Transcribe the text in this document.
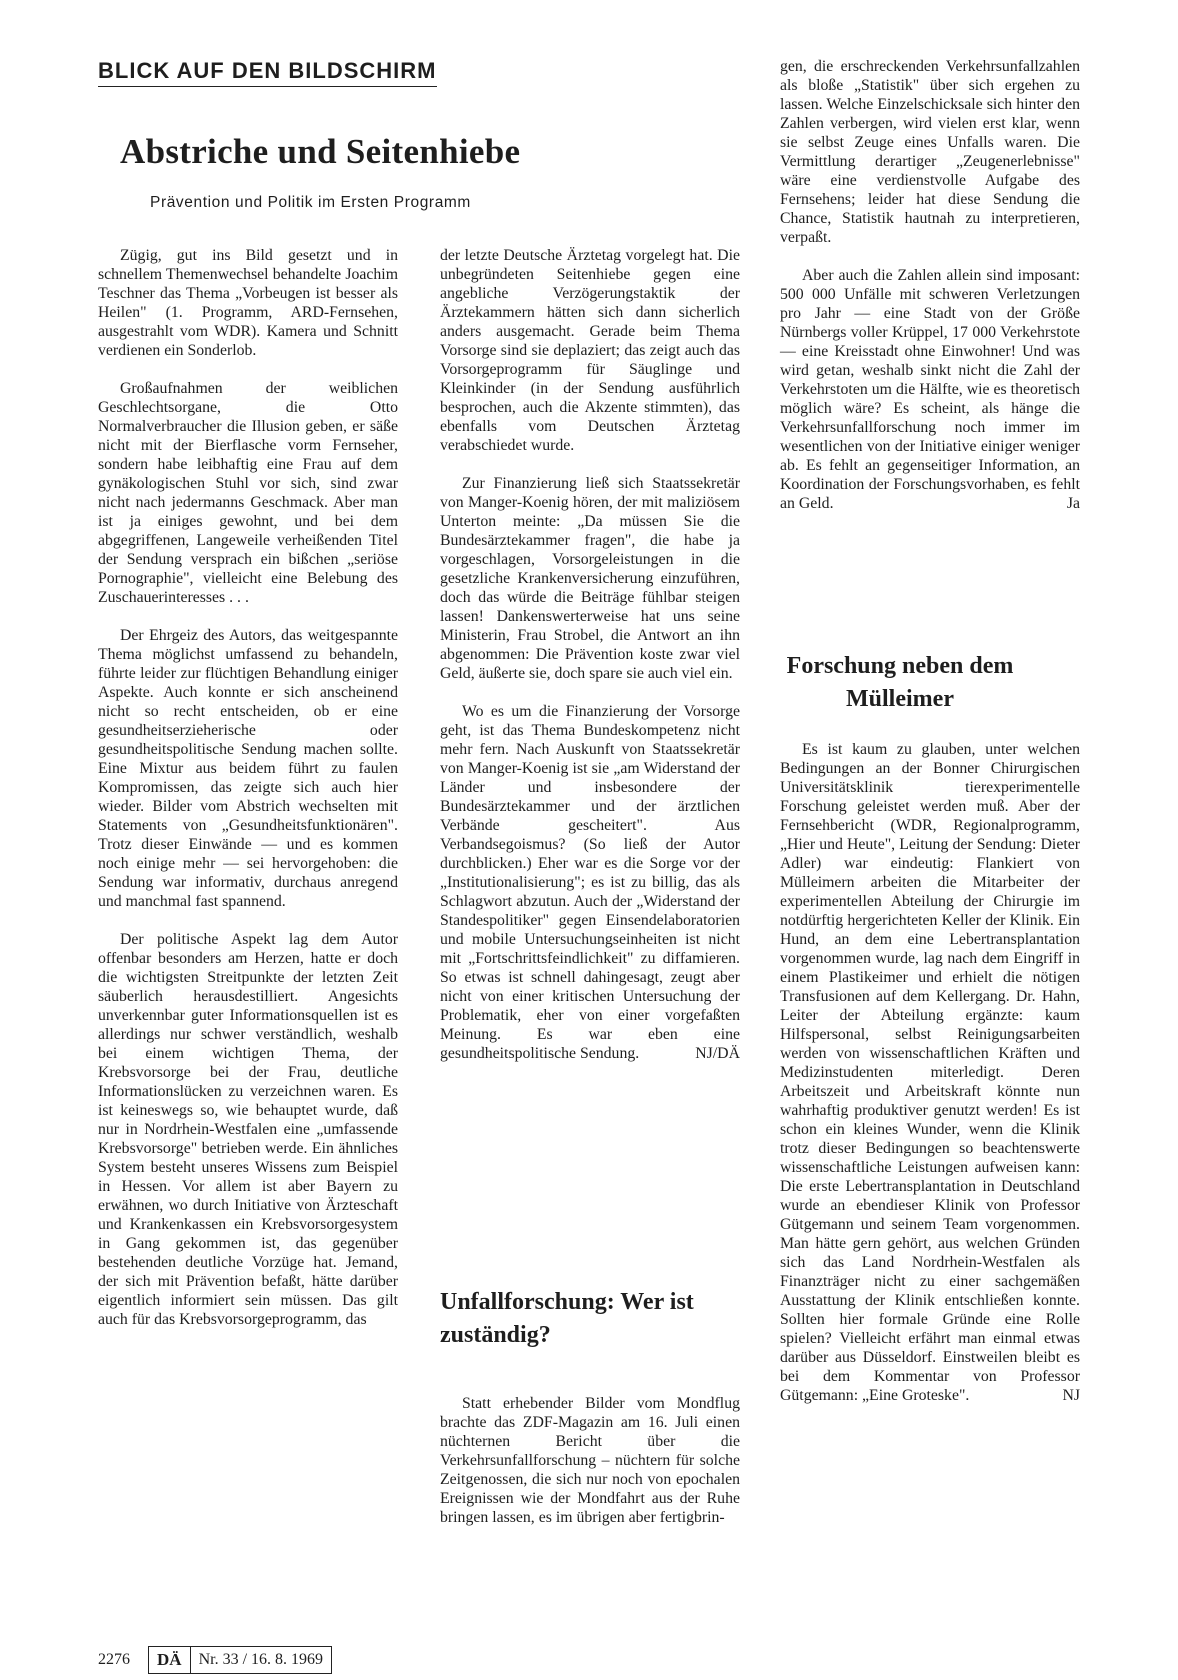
BLICK AUF DEN BILDSCHIRM
Abstriche und Seitenhiebe

Prävention und Politik im Ersten Programm

Zügig, gut ins Bild gesetzt und in schnellem Themenwechsel behandelte Joachim Teschner das Thema „Vorbeugen ist besser als Heilen" (1. Programm, ARD-Fernsehen, ausgestrahlt vom WDR). Kamera und Schnitt verdienen ein Sonderlob.

Großaufnahmen der weiblichen Geschlechtsorgane, die Otto Normalverbraucher die Illusion geben, er säße nicht mit der Bierflasche vorm Fernseher, sondern habe leibhaftig eine Frau auf dem gynäkologischen Stuhl vor sich, sind zwar nicht nach jedermanns Geschmack. Aber man ist ja einiges gewohnt, und bei dem abgegriffenen, Langeweile verheißenden Titel der Sendung versprach ein bißchen „seriöse Pornographie", vielleicht eine Belebung des Zuschauerinteresses . . .

Der Ehrgeiz des Autors, das weitgespannte Thema möglichst umfassend zu behandeln, führte leider zur flüchtigen Behandlung einiger Aspekte. Auch konnte er sich anscheinend nicht so recht entscheiden, ob er eine gesundheitserzieherische oder gesundheitspolitische Sendung machen sollte. Eine Mixtur aus beidem führt zu faulen Kompromissen, das zeigte sich auch hier wieder. Bilder vom Abstrich wechselten mit Statements von „Gesundheitsfunktionären". Trotz dieser Einwände — und es kommen noch einige mehr — sei hervorgehoben: die Sendung war informativ, durchaus anregend und manchmal fast spannend.

Der politische Aspekt lag dem Autor offenbar besonders am Herzen, hatte er doch die wichtigsten Streitpunkte der letzten Zeit säuberlich herausdestilliert. Angesichts unverkennbar guter Informationsquellen ist es allerdings nur schwer verständlich, weshalb bei einem wichtigen Thema, der Krebsvorsorge bei der Frau, deutliche Informationslücken zu verzeichnen waren. Es ist keineswegs so, wie behauptet wurde, daß nur in Nordrhein-Westfalen eine „umfassende Krebsvorsorge" betrieben werde. Ein ähnliches System besteht unseres Wissens zum Beispiel in Hessen. Vor allem ist aber Bayern zu erwähnen, wo durch Initiative von Ärzteschaft und Krankenkassen ein Krebsvorsorgesystem in Gang gekommen ist, das gegenüber bestehenden deutliche Vorzüge hat. Jemand, der sich mit Prävention befaßt, hätte darüber eigentlich informiert sein müssen. Das gilt auch für das Krebsvorsorgeprogramm, das

der letzte Deutsche Ärztetag vorgelegt hat. Die unbegründeten Seitenhiebe gegen eine angebliche Verzögerungstaktik der Ärztekammern hätten sich dann sicherlich anders ausgemacht. Gerade beim Thema Vorsorge sind sie deplaziert; das zeigt auch das Vorsorgeprogramm für Säuglinge und Kleinkinder (in der Sendung ausführlich besprochen, auch die Akzente stimmten), das ebenfalls vom Deutschen Ärztetag verabschiedet wurde.

Zur Finanzierung ließ sich Staatssekretär von Manger-Koenig hören, der mit maliziösem Unterton meinte: „Da müssen Sie die Bundesärztekammer fragen", die habe ja vorgeschlagen, Vorsorgeleistungen in die gesetzliche Krankenversicherung einzuführen, doch das würde die Beiträge fühlbar steigen lassen! Dankenswerterweise hat uns seine Ministerin, Frau Strobel, die Antwort an ihn abgenommen: Die Prävention koste zwar viel Geld, äußerte sie, doch spare sie auch viel ein.

Wo es um die Finanzierung der Vorsorge geht, ist das Thema Bundeskompetenz nicht mehr fern. Nach Auskunft von Staatssekretär von Manger-Koenig ist sie „am Widerstand der Länder und insbesondere der Bundesärztekammer und der ärztlichen Verbände gescheitert". Aus Verbandsegoismus? (So ließ der Autor durchblicken.) Eher war es die Sorge vor der „Institutionalisierung"; es ist zu billig, das als Schlagwort abzutun. Auch der „Widerstand der Standespolitiker" gegen Einsendelaboratorien und mobile Untersuchungseinheiten ist nicht mit „Fortschrittsfeindlichkeit" zu diffamieren. So etwas ist schnell dahingesagt, zeugt aber nicht von einer kritischen Untersuchung der Problematik, eher von einer vorgefaßten Meinung. Es war eben eine gesundheitspolitische Sendung.	NJ/DÄ

Unfallforschung: Wer ist zuständig?

Statt erhebender Bilder vom Mondflug brachte das ZDF-Magazin am 16. Juli einen nüchternen Bericht über die Verkehrsunfallforschung – nüchtern für solche Zeitgenossen, die sich nur noch von epochalen Ereignissen wie der Mondfahrt aus der Ruhe bringen lassen, es im übrigen aber fertigbrin-

gen, die erschreckenden Verkehrsunfallzahlen als bloße „Statistik" über sich ergehen zu lassen. Welche Einzelschicksale sich hinter den Zahlen verbergen, wird vielen erst klar, wenn sie selbst Zeuge eines Unfalls waren. Die Vermittlung derartiger „Zeugenerlebnisse" wäre eine verdienstvolle Aufgabe des Fernsehens; leider hat diese Sendung die Chance, Statistik hautnah zu interpretieren, verpaßt.

Aber auch die Zahlen allein sind imposant: 500 000 Unfälle mit schweren Verletzungen pro Jahr — eine Stadt von der Größe Nürnbergs voller Krüppel, 17 000 Verkehrstote — eine Kreisstadt ohne Einwohner! Und was wird getan, weshalb sinkt nicht die Zahl der Verkehrstoten um die Hälfte, wie es theoretisch möglich wäre? Es scheint, als hänge die Verkehrsunfallforschung noch immer im wesentlichen von der Initiative einiger weniger ab. Es fehlt an gegenseitiger Information, an Koordination der Forschungsvorhaben, es fehlt an Geld.	Ja

Forschung neben dem Mülleimer

Es ist kaum zu glauben, unter welchen Bedingungen an der Bonner Chirurgischen Universitätsklinik tierexperimentelle Forschung geleistet werden muß. Aber der Fernsehbericht (WDR, Regionalprogramm, „Hier und Heute", Leitung der Sendung: Dieter Adler) war eindeutig: Flankiert von Mülleimern arbeiten die Mitarbeiter der experimentellen Abteilung der Chirurgie im notdürftig hergerichteten Keller der Klinik. Ein Hund, an dem eine Lebertransplantation vorgenommen wurde, lag nach dem Eingriff in einem Plastikeimer und erhielt die nötigen Transfusionen auf dem Kellergang. Dr. Hahn, Leiter der Abteilung ergänzte: kaum Hilfspersonal, selbst Reinigungsarbeiten werden von wissenschaftlichen Kräften und Medizinstudenten miterledigt. Deren Arbeitszeit und Arbeitskraft könnte nun wahrhaftig produktiver genutzt werden! Es ist schon ein kleines Wunder, wenn die Klinik trotz dieser Bedingungen so beachtenswerte wissenschaftliche Leistungen aufweisen kann: Die erste Lebertransplantation in Deutschland wurde an ebendieser Klinik von Professor Gütgemann und seinem Team vorgenommen. Man hätte gern gehört, aus welchen Gründen sich das Land Nordrhein-Westfalen als Finanzträger nicht zu einer sachgemäßen Ausstattung der Klinik entschließen konnte. Sollten hier formale Gründe eine Rolle spielen? Vielleicht erfährt man einmal etwas darüber aus Düsseldorf. Einstweilen bleibt es bei dem Kommentar von Professor Gütgemann: „Eine Groteske".	NJ

2276	DÄ	Nr. 33 / 16. 8. 1969
